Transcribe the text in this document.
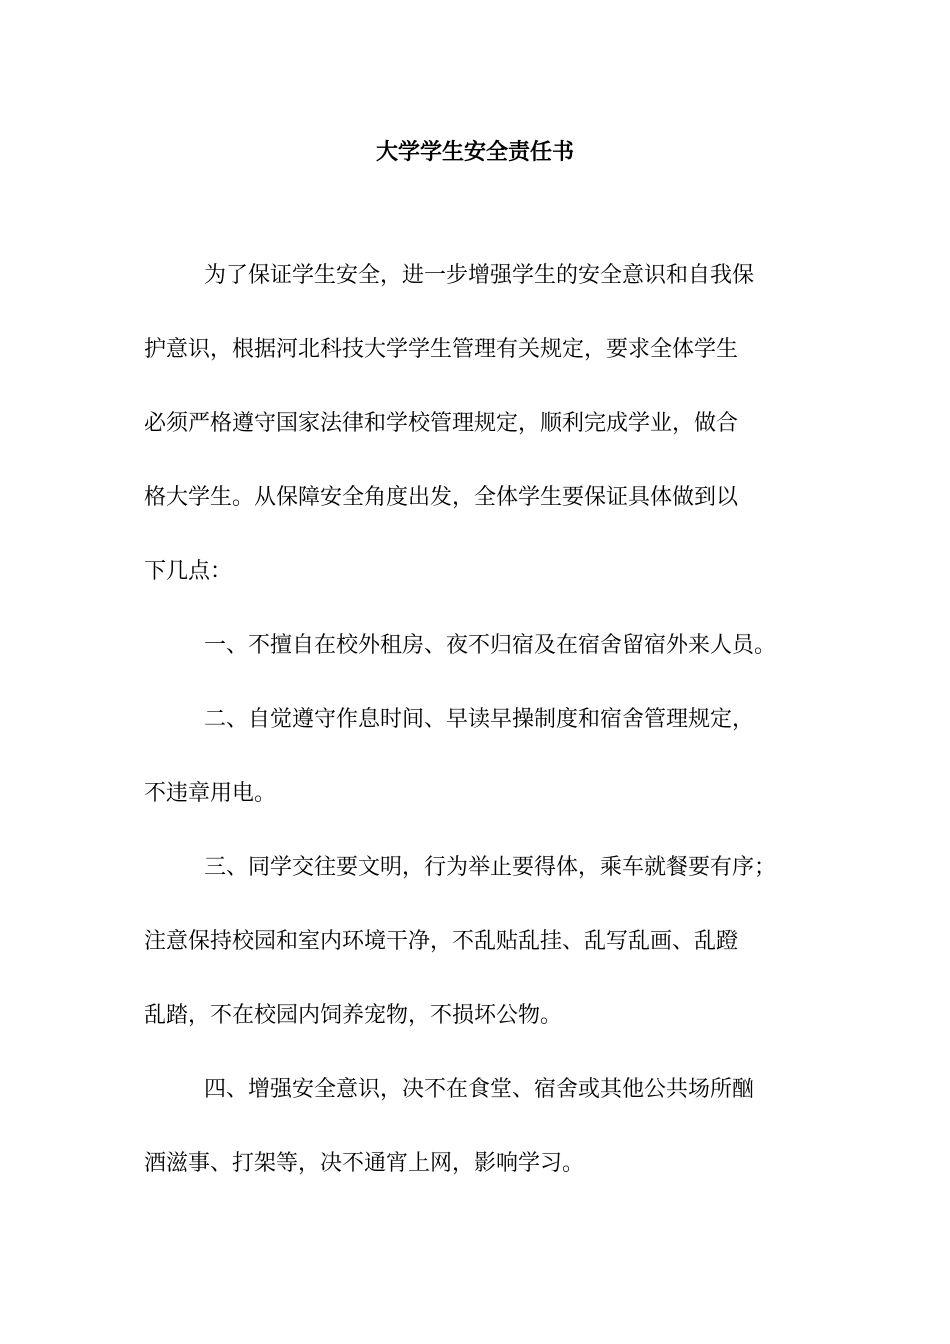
大学学生安全责任书

为了保证学生安全，进一步增强学生的安全意识和自我保

护意识，根据河北科技大学学生管理有关规定，要求全体学生

必须严格遵守国家法律和学校管理规定，顺利完成学业，做合

格大学生。从保障安全角度出发，全体学生要保证具体做到以

下几点：

一、不擅自在校外租房、夜不归宿及在宿舍留宿外来人员。

二、自觉遵守作息时间、早读早操制度和宿舍管理规定，

不违章用电。

三、同学交往要文明，行为举止要得体，乘车就餐要有序；

注意保持校园和室内环境干净，不乱贴乱挂、乱写乱画、乱蹬

乱踏，不在校园内饲养宠物，不损坏公物。

四、增强安全意识，决不在食堂、宿舍或其他公共场所酗

酒滋事、打架等，决不通宵上网，影响学习。
